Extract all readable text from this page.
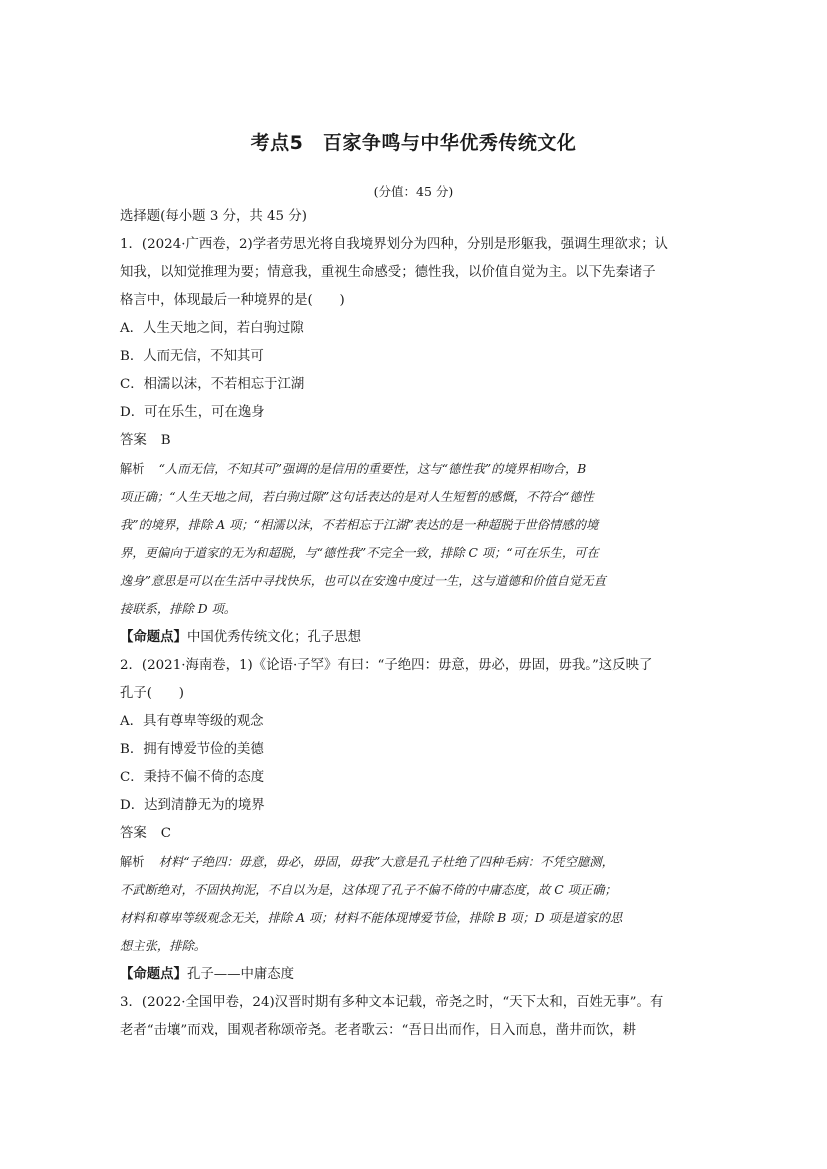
考点5　百家争鸣与中华优秀传统文化
(分值：45 分)

选择题(每小题 3 分，共 45 分)

1．(2024·广西卷，2)学者劳思光将自我境界划分为四种，分别是形躯我，强调生理欲求；认

知我，以知觉推理为要；情意我，重视生命感受；德性我，以价值自觉为主。以下先秦诸子

格言中，体现最后一种境界的是(　　)

A．人生天地之间，若白驹过隙

B．人而无信，不知其可

C．相濡以沫，不若相忘于江湖

D．可在乐生，可在逸身

答案 B

解析 “人而无信，不知其可”强调的是信用的重要性，这与“德性我”的境界相吻合，B

项正确；“人生天地之间，若白驹过隙”这句话表达的是对人生短暂的感慨，不符合“德性

我”的境界，排除 A 项；“相濡以沫，不若相忘于江湖”表达的是一种超脱于世俗情感的境

界，更偏向于道家的无为和超脱，与“德性我”不完全一致，排除 C 项；“可在乐生，可在

逸身”意思是可以在生活中寻找快乐，也可以在安逸中度过一生，这与道德和价值自觉无直

接联系，排除 D 项。

【命题点】中国优秀传统文化；孔子思想

2．(2021·海南卷，1)《论语·子罕》有曰：“子绝四：毋意，毋必，毋固，毋我。”这反映了

孔子(　　)

A．具有尊卑等级的观念

B．拥有博爱节俭的美德

C．秉持不偏不倚的态度

D．达到清静无为的境界

答案 C

解析 材料“子绝四：毋意，毋必，毋固，毋我”大意是孔子杜绝了四种毛病：不凭空臆测，

不武断绝对，不固执拘泥，不自以为是，这体现了孔子不偏不倚的中庸态度，故 C 项正确；

材料和尊卑等级观念无关，排除 A 项；材料不能体现博爱节俭，排除 B 项；D 项是道家的思

想主张，排除。

【命题点】孔子——中庸态度

3．(2022·全国甲卷，24)汉晋时期有多种文本记载，帝尧之时，“天下太和，百姓无事”。有

老者“击壤”而戏，围观者称颂帝尧。老者歌云：“吾日出而作，日入而息，凿井而饮，耕
